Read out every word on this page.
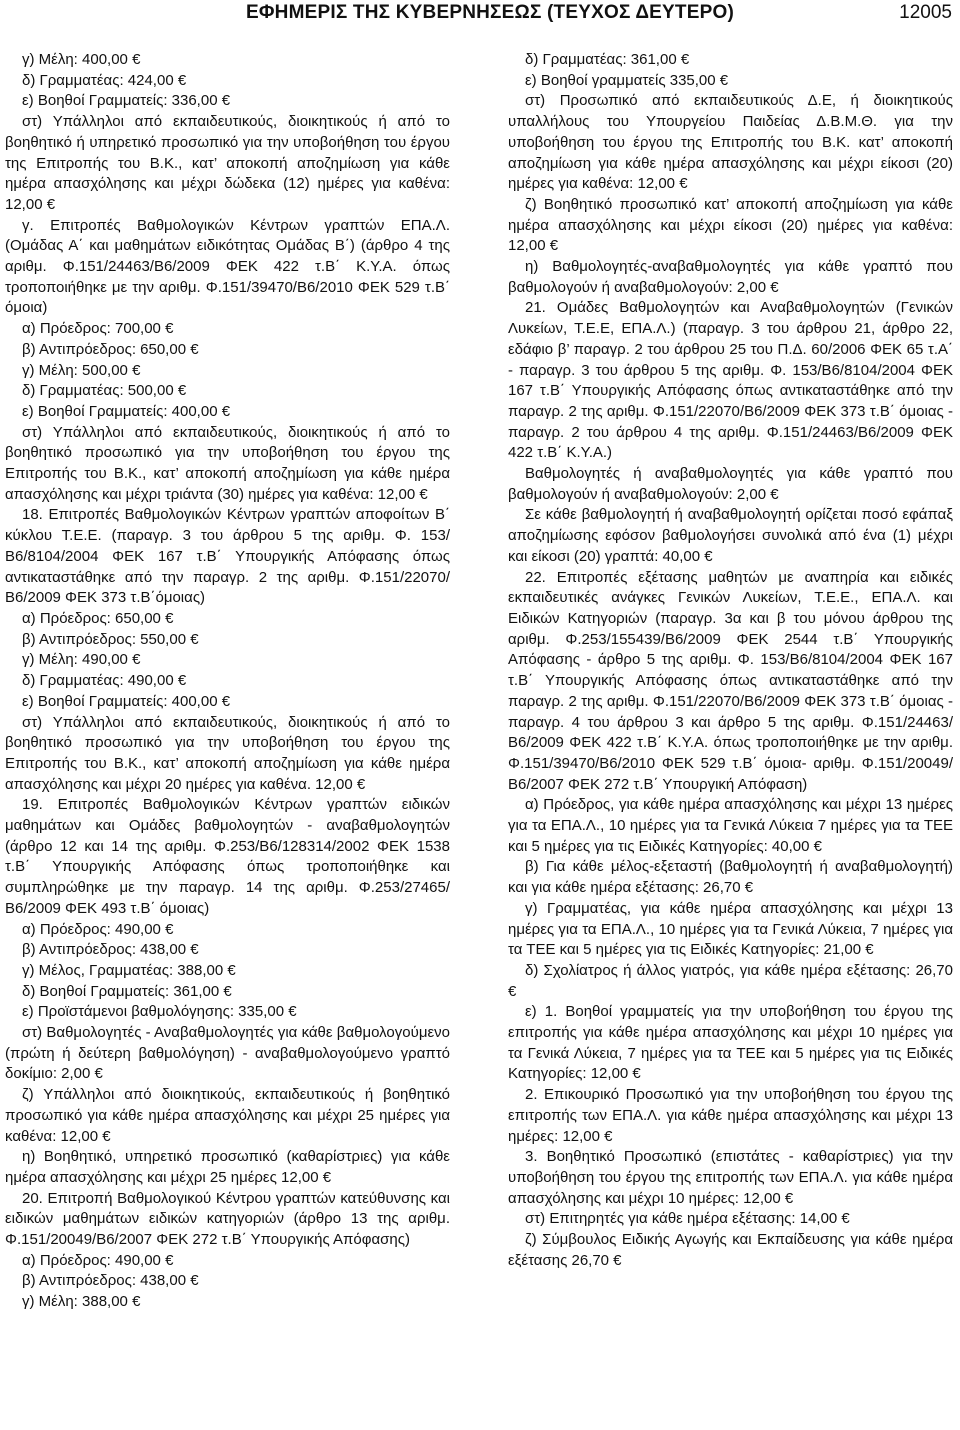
ΕΦΗΜΕΡΙΣ ΤΗΣ ΚΥΒΕΡΝΗΣΕΩΣ (ΤΕΥΧΟΣ ΔΕΥΤΕΡΟ)	12005

γ) Μέλη: 400,00 €

δ) Γραμματέας: 424,00 €

ε) Βοηθοί Γραμματείς: 336,00 €

στ) Υπάλληλοι από εκπαιδευτικούς, διοικητικούς ή από το βοηθητικό ή υπηρετικό προσωπικό για την υποβοήθηση του έργου της Επιτροπής του Β.Κ., κατ’ αποκοπή αποζημίωση για κάθε ημέρα απασχόλησης και μέχρι δώδεκα (12) ημέρες για καθένα: 12,00 €

γ. Επιτροπές Βαθμολογικών Κέντρων γραπτών ΕΠΑ.Λ. (Ομάδας Α΄ και μαθημάτων ειδικότητας Ομάδας Β΄) (άρθρο 4 της αριθμ. Φ.151/24463/Β6/2009 ΦΕΚ 422 τ.Β΄ Κ.Υ.Α. όπως τροποποιήθηκε με την αριθμ. Φ.151/39470/Β6/2010 ΦΕΚ 529 τ.Β΄ όμοια)

α) Πρόεδρος: 700,00 €

β) Αντιπρόεδρος: 650,00 €

γ) Μέλη: 500,00 €

δ) Γραμματέας: 500,00 €

ε) Βοηθοί Γραμματείς: 400,00 €

στ) Υπάλληλοι από εκπαιδευτικούς, διοικητικούς ή από το βοηθητικό προσωπικό για την υποβοήθηση του έργου της Επιτροπής του Β.Κ., κατ’ αποκοπή αποζημίωση για κάθε ημέρα απασχόλησης και μέχρι τριάντα (30) ημέρες για καθένα: 12,00 €

18. Επιτροπές Βαθμολογικών Κέντρων γραπτών αποφοίτων Β΄ κύκλου Τ.Ε.Ε. (παραγρ. 3 του άρθρου 5 της αριθμ. Φ. 153/Β6/8104/2004 ΦΕΚ 167 τ.Β΄ Υπουργικής Απόφασης όπως αντικαταστάθηκε από την παραγρ. 2 της αριθμ. Φ.151/22070/Β6/2009 ΦΕΚ 373 τ.Β΄όμοιας)

α) Πρόεδρος: 650,00 €

β) Αντιπρόεδρος: 550,00 €

γ) Μέλη: 490,00 €

δ) Γραμματέας: 490,00 €

ε) Βοηθοί Γραμματείς: 400,00 €

στ) Υπάλληλοι από εκπαιδευτικούς, διοικητικούς ή από το βοηθητικό προσωπικό για την υποβοήθηση του έργου της Επιτροπής του Β.Κ., κατ’ αποκοπή αποζημίωση για κάθε ημέρα απασχόλησης και μέχρι 20 ημέρες για καθένα. 12,00 €

19. Επιτροπές Βαθμολογικών Κέντρων γραπτών ειδικών μαθημάτων και Ομάδες βαθμολογητών - αναβαθμολογητών (άρθρο 12 και 14 της αριθμ. Φ.253/Β6/128314/2002 ΦΕΚ 1538 τ.Β΄ Υπουργικής Απόφασης όπως τροποποιήθηκε και συμπληρώθηκε με την παραγρ. 14 της αριθμ. Φ.253/27465/Β6/2009 ΦΕΚ 493 τ.Β΄ όμοιας)

α) Πρόεδρος: 490,00 €

β) Αντιπρόεδρος: 438,00 €

γ) Μέλος, Γραμματέας: 388,00 €

δ) Βοηθοί Γραμματείς: 361,00 €

ε) Προϊστάμενοι βαθμολόγησης: 335,00 €

στ) Βαθμολογητές - Αναβαθμολογητές για κάθε βαθμολογούμενο (πρώτη ή δεύτερη βαθμολόγηση) - αναβαθμολογούμενο γραπτό δοκίμιο: 2,00 €

ζ) Υπάλληλοι από διοικητικούς, εκπαιδευτικούς ή βοηθητικό προσωπικό για κάθε ημέρα απασχόλησης και μέχρι 25 ημέρες για καθένα: 12,00 €

η) Βοηθητικό, υπηρετικό προσωπικό (καθαρίστριες) για κάθε ημέρα απασχόλησης και μέχρι 25 ημέρες 12,00 €

20. Επιτροπή Βαθμολογικού Κέντρου γραπτών κατεύθυνσης και ειδικών μαθημάτων ειδικών κατηγοριών (άρθρο 13 της αριθμ. Φ.151/20049/Β6/2007 ΦΕΚ 272 τ.Β΄ Υπουργικής Απόφασης)

α) Πρόεδρος: 490,00 €

β) Αντιπρόεδρος: 438,00 €

γ) Μέλη: 388,00 €

δ) Γραμματέας: 361,00 €

ε) Βοηθοί γραμματείς 335,00 €

στ) Προσωπικό από εκπαιδευτικούς Δ.Ε, ή διοικητικούς υπαλλήλους του Υπουργείου Παιδείας Δ.Β.Μ.Θ. για την υποβοήθηση του έργου της Επιτροπής του Β.Κ. κατ’ αποκοπή αποζημίωση για κάθε ημέρα απασχόλησης και μέχρι είκοσι (20) ημέρες για καθένα: 12,00 €

ζ) Βοηθητικό προσωπικό κατ’ αποκοπή αποζημίωση για κάθε ημέρα απασχόλησης και μέχρι είκοσι (20) ημέρες για καθένα: 12,00 €

η) Βαθμολογητές-αναβαθμολογητές για κάθε γραπτό που βαθμολογούν ή αναβαθμολογούν: 2,00 €

21. Ομάδες Βαθμολογητών και Αναβαθμολογητών (Γενικών Λυκείων, Τ.Ε.Ε, ΕΠΑ.Λ.) (παραγρ. 3 του άρθρου 21, άρθρο 22, εδάφιο β’ παραγρ. 2 του άρθρου 25 του Π.Δ. 60/2006 ΦΕΚ 65 τ.Α΄ - παραγρ. 3 του άρθρου 5 της αριθμ. Φ. 153/Β6/8104/2004 ΦΕΚ 167 τ.Β΄ Υπουργικής Απόφασης όπως αντικαταστάθηκε από την παραγρ. 2 της αριθμ. Φ.151/22070/Β6/2009 ΦΕΚ 373 τ.Β΄ όμοιας - παραγρ. 2 του άρθρου 4 της αριθμ. Φ.151/24463/Β6/2009 ΦΕΚ 422 τ.Β΄ Κ.Υ.Α.)

Βαθμολογητές ή αναβαθμολογητές για κάθε γραπτό που βαθμολογούν ή αναβαθμολογούν: 2,00 €

Σε κάθε βαθμολογητή ή αναβαθμολογητή ορίζεται ποσό εφάπαξ αποζημίωσης εφόσον βαθμολογήσει συνολικά από ένα (1) μέχρι και είκοσι (20) γραπτά: 40,00 €

22. Επιτροπές εξέτασης μαθητών με αναπηρία και ειδικές εκπαιδευτικές ανάγκες Γενικών Λυκείων, Τ.Ε.Ε., ΕΠΑ.Λ. και Ειδικών Κατηγοριών (παραγρ. 3α και β του μόνου άρθρου της αριθμ. Φ.253/155439/Β6/2009 ΦΕΚ 2544 τ.Β΄ Υπουργικής Απόφασης - άρθρο 5 της αριθμ. Φ. 153/Β6/8104/2004 ΦΕΚ 167 τ.Β΄ Υπουργικής Απόφασης όπως αντικαταστάθηκε από την παραγρ. 2 της αριθμ. Φ.151/22070/Β6/2009 ΦΕΚ 373 τ.Β΄ όμοιας - παραγρ. 4 του άρθρου 3 και άρθρο 5 της αριθμ. Φ.151/24463/Β6/2009 ΦΕΚ 422 τ.Β΄ Κ.Υ.Α. όπως τροποποιήθηκε με την αριθμ. Φ.151/39470/Β6/2010 ΦΕΚ 529 τ.Β΄ όμοια- αριθμ. Φ.151/20049/Β6/2007 ΦΕΚ 272 τ.Β΄ Υπουργική Απόφαση)

α) Πρόεδρος, για κάθε ημέρα απασχόλησης και μέχρι 13 ημέρες για τα ΕΠΑ.Λ., 10 ημέρες για τα Γενικά Λύκεια 7 ημέρες για τα ΤΕΕ και 5 ημέρες για τις Ειδικές Κατηγορίες: 40,00 €

β) Για κάθε μέλος-εξεταστή (βαθμολογητή ή αναβαθμολογητή) και για κάθε ημέρα εξέτασης: 26,70 €

γ) Γραμματέας, για κάθε ημέρα απασχόλησης και μέχρι 13 ημέρες για τα ΕΠΑ.Λ., 10 ημέρες για τα Γενικά Λύκεια, 7 ημέρες για τα ΤΕΕ και 5 ημέρες για τις Ειδικές Κατηγορίες: 21,00 €

δ) Σχολίατρος ή άλλος γιατρός, για κάθε ημέρα εξέτασης: 26,70 €

ε) 1. Βοηθοί γραμματείς για την υποβοήθηση του έργου της επιτροπής για κάθε ημέρα απασχόλησης και μέχρι 10 ημέρες για τα Γενικά Λύκεια, 7 ημέρες για τα ΤΕΕ και 5 ημέρες για τις Ειδικές Κατηγορίες: 12,00 €

2. Επικουρικό Προσωπικό για την υποβοήθηση του έργου της επιτροπής των ΕΠΑ.Λ. για κάθε ημέρα απασχόλησης και μέχρι 13 ημέρες: 12,00 €

3. Βοηθητικό Προσωπικό (επιστάτες - καθαρίστριες) για την υποβοήθηση του έργου της επιτροπής των ΕΠΑ.Λ. για κάθε ημέρα απασχόλησης και μέχρι 10 ημέρες: 12,00 €

στ) Επιτηρητές για κάθε ημέρα εξέτασης: 14,00 €

ζ) Σύμβουλος Ειδικής Αγωγής και Εκπαίδευσης για κάθε ημέρα εξέτασης 26,70 €
